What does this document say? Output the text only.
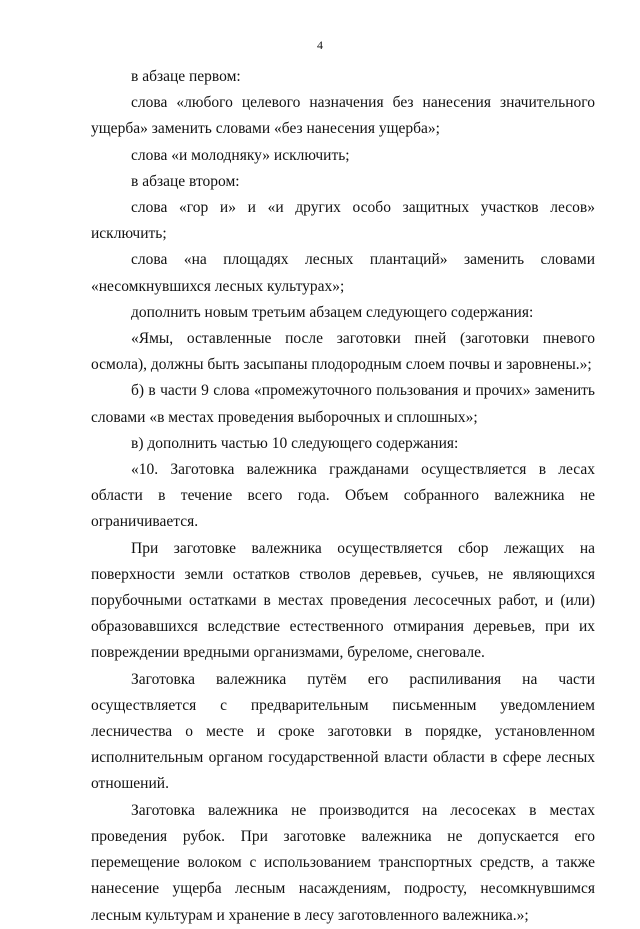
4

в абзаце первом:

слова «любого целевого назначения без нанесения значительного ущерба» заменить словами «без нанесения ущерба»;

слова «и молодняку» исключить;

в абзаце втором:

слова «гор и» и «и других особо защитных участков лесов» исключить;

слова «на площадях лесных плантаций» заменить словами «несомкнувшихся лесных культурах»;

дополнить новым третьим абзацем следующего содержания:

«Ямы, оставленные после заготовки пней (заготовки пневого осмола), должны быть засыпаны плодородным слоем почвы и заровнены.»;

б) в части 9 слова «промежуточного пользования и прочих» заменить словами «в местах проведения выборочных и сплошных»;

в) дополнить частью 10 следующего содержания:

«10. Заготовка валежника гражданами осуществляется в лесах области в течение всего года. Объем собранного валежника не ограничивается.

При заготовке валежника осуществляется сбор лежащих на поверхности земли остатков стволов деревьев, сучьев, не являющихся порубочными остатками в местах проведения лесосечных работ, и (или) образовавшихся вследствие естественного отмирания деревьев, при их повреждении вредными организмами, буреломе, снеговале.

Заготовка валежника путём его распиливания на части осуществляется с предварительным письменным уведомлением лесничества о месте и сроке заготовки в порядке, установленном исполнительным органом государственной власти области в сфере лесных отношений.

Заготовка валежника не производится на лесосеках в местах проведения рубок. При заготовке валежника не допускается его перемещение волоком с использованием транспортных средств, а также нанесение ущерба лесным насаждениям, подросту, несомкнувшимся лесным культурам и хранение в лесу заготовленного валежника.»;
